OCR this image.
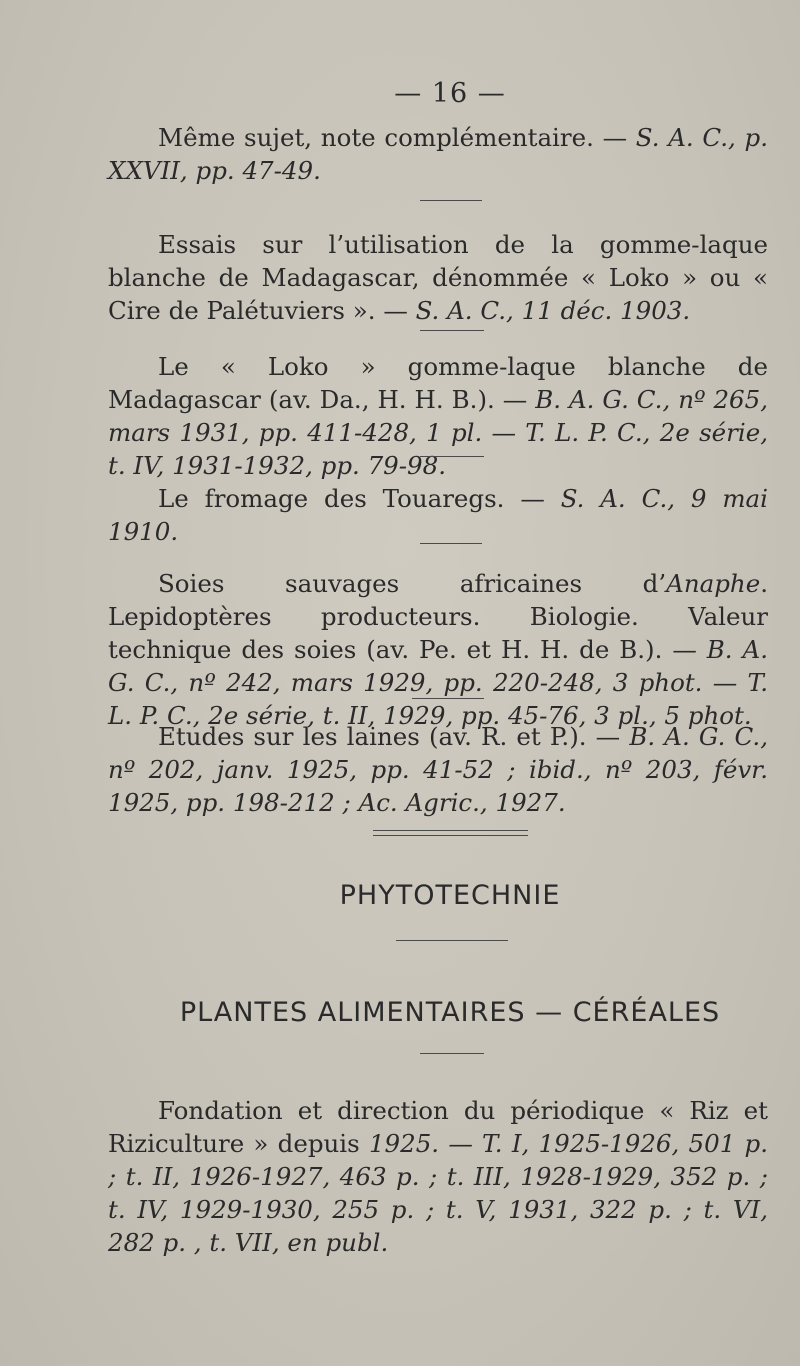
— 16 —

Même sujet, note complémentaire. — S. A. C., p. XXVII, pp. 47-49.

Essais sur l’utilisation de la gomme-laque blanche de Madagascar, dénommée « Loko » ou « Cire de Palétuviers ». — S. A. C., 11 déc. 1903.

Le « Loko » gomme-laque blanche de Madagascar (av. Da., H. H. B.). — B. A. G. C., nº 265, mars 1931, pp. 411-428, 1 pl. — T. L. P. C., 2e série, t. IV, 1931-1932, pp. 79-98.

Le fromage des Touaregs. — S. A. C., 9 mai 1910.

Soies sauvages africaines d’Anaphe. Lepidoptères producteurs. Biologie. Valeur technique des soies (av. Pe. et H. H. de B.). — B. A. G. C., nº 242, mars 1929, pp. 220-248, 3 phot. — T. L. P. C., 2e série, t. II, 1929, pp. 45-76, 3 pl., 5 phot.

Etudes sur les laines (av. R. et P.). — B. A. G. C., nº 202, janv. 1925, pp. 41-52 ; ibid., nº 203, févr. 1925, pp. 198-212 ; Ac. Agric., 1927.

PHYTOTECHNIE
PLANTES ALIMENTAIRES — CÉRÉALES

Fondation et direction du périodique « Riz et Riziculture » depuis 1925. — T. I, 1925-1926, 501 p. ; t. II, 1926-1927, 463 p. ; t. III, 1928-1929, 352 p. ; t. IV, 1929-1930, 255 p. ; t. V, 1931, 322 p. ; t. VI, 282 p. , t. VII, en publ.
